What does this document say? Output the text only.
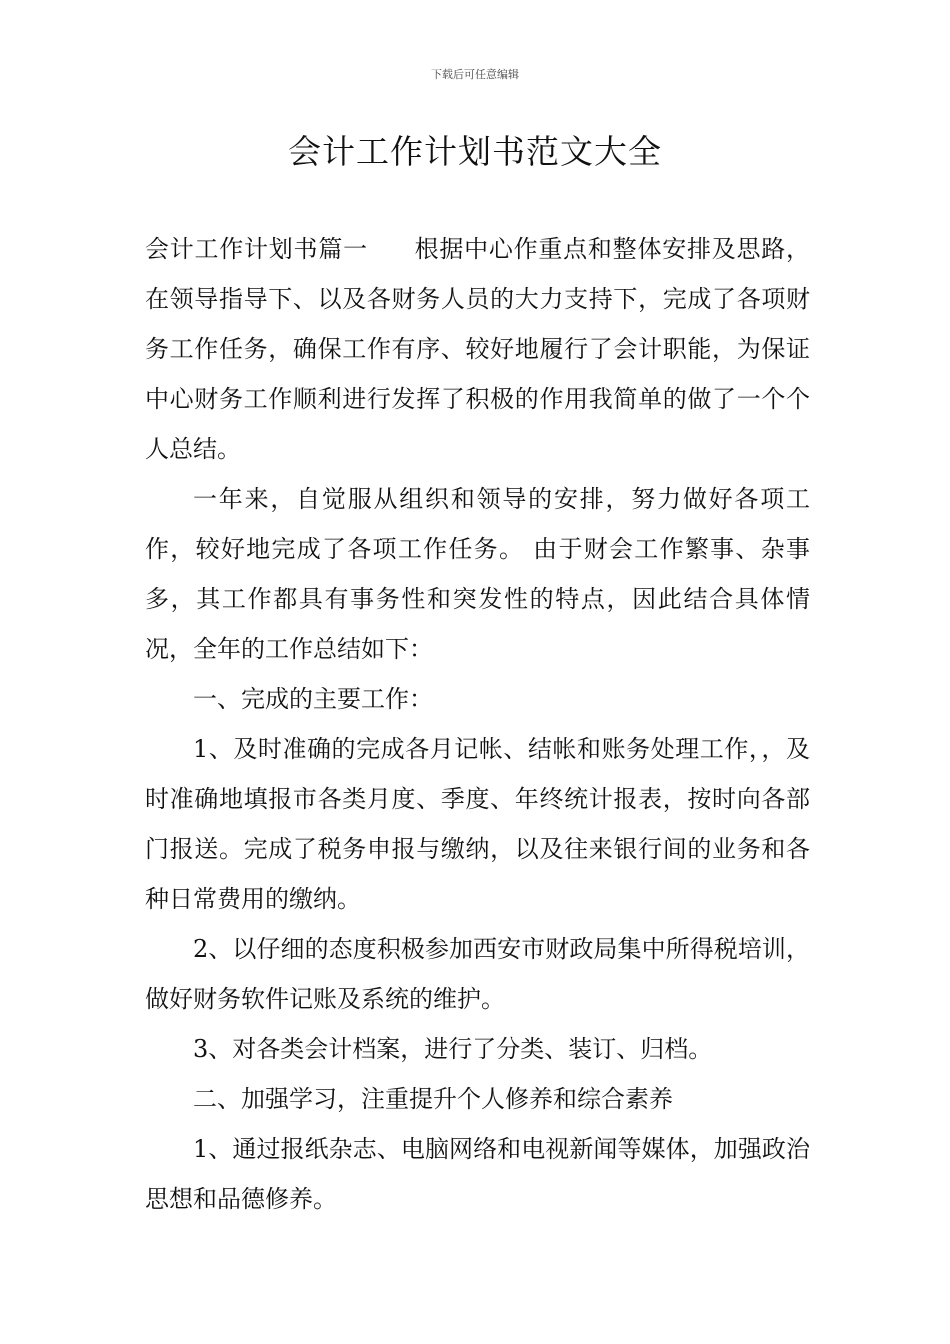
下载后可任意编辑
会计工作计划书范文大全

会计工作计划书篇一 根据中心作重点和整体安排及思路，在领导指导下、以及各财务人员的大力支持下，完成了各项财务工作任务，确保工作有序、较好地履行了会计职能，为保证中心财务工作顺利进行发挥了积极的作用我简单的做了一个个人总结。

一年来，自觉服从组织和领导的安排，努力做好各项工作，较好地完成了各项工作任务。 由于财会工作繁事、杂事多，其工作都具有事务性和突发性的特点，因此结合具体情况，全年的工作总结如下：

一、完成的主要工作：

1、及时准确的完成各月记帐、结帐和账务处理工作，，及时准确地填报市各类月度、季度、年终统计报表，按时向各部门报送。完成了税务申报与缴纳，以及往来银行间的业务和各种日常费用的缴纳。

2、以仔细的态度积极参加西安市财政局集中所得税培训，做好财务软件记账及系统的维护。

3、对各类会计档案，进行了分类、装订、归档。

二、加强学习，注重提升个人修养和综合素养

1、通过报纸杂志、电脑网络和电视新闻等媒体，加强政治思想和品德修养。
